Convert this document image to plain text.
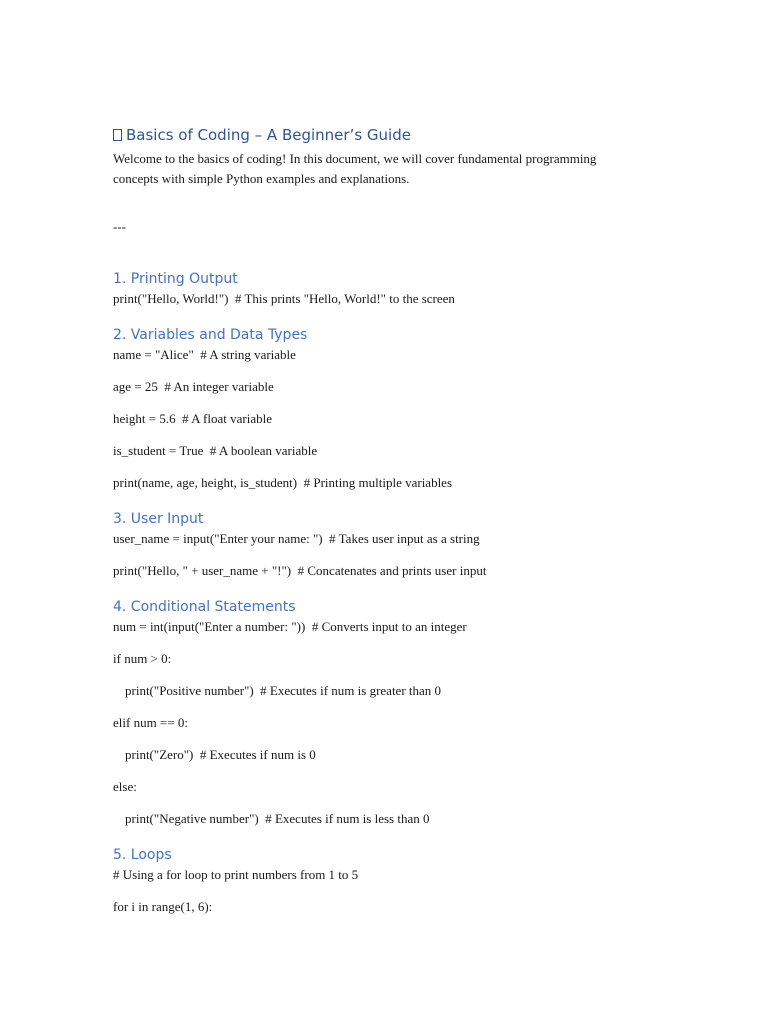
Basics of Coding – A Beginner’s Guide

Welcome to the basics of coding! In this document, we will cover fundamental programming

concepts with simple Python examples and explanations.

---
1. Printing Output

print("Hello, World!")  # This prints "Hello, World!" to the screen

2. Variables and Data Types

name = "Alice"  # A string variable

age = 25  # An integer variable

height = 5.6  # A float variable

is_student = True  # A boolean variable

print(name, age, height, is_student)  # Printing multiple variables

3. User Input

user_name = input("Enter your name: ")  # Takes user input as a string

print("Hello, " + user_name + "!")  # Concatenates and prints user input

4. Conditional Statements

num = int(input("Enter a number: "))  # Converts input to an integer

if num > 0:

print("Positive number")  # Executes if num is greater than 0

elif num == 0:

print("Zero")  # Executes if num is 0

else:

print("Negative number")  # Executes if num is less than 0

5. Loops

# Using a for loop to print numbers from 1 to 5

for i in range(1, 6):
